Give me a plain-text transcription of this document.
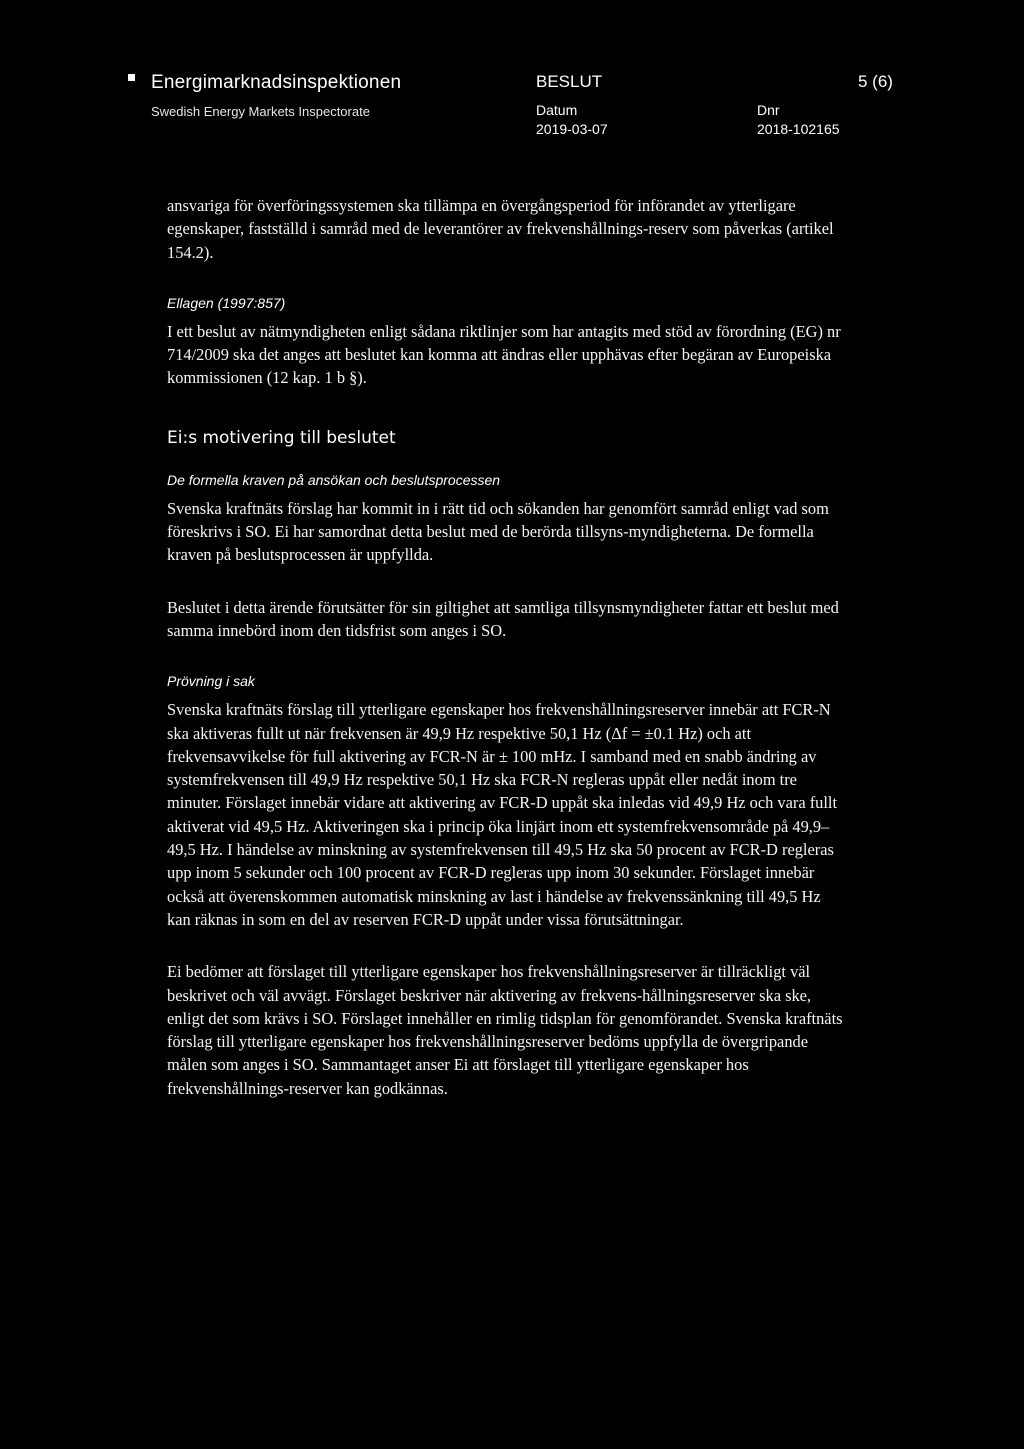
Energimarknadsinspektionen
Swedish Energy Markets Inspectorate
BESLUT	5 (6)
Datum
2019-03-07
Dnr
2018-102165

ansvariga för överföringssystemen ska tillämpa en övergångsperiod för införandet av ytterligare egenskaper, fastställd i samråd med de leverantörer av frekvenshållnings-reserv som påverkas (artikel 154.2).

Ellagen (1997:857)

I ett beslut av nätmyndigheten enligt sådana riktlinjer som har antagits med stöd av förordning (EG) nr 714/2009 ska det anges att beslutet kan komma att ändras eller upphävas efter begäran av Europeiska kommissionen (12 kap. 1 b §).

Ei:s motivering till beslutet
De formella kraven på ansökan och beslutsprocessen

Svenska kraftnäts förslag har kommit in i rätt tid och sökanden har genomfört samråd enligt vad som föreskrivs i SO. Ei har samordnat detta beslut med de berörda tillsyns-myndigheterna. De formella kraven på beslutsprocessen är uppfyllda.

Beslutet i detta ärende förutsätter för sin giltighet att samtliga tillsynsmyndigheter fattar ett beslut med samma innebörd inom den tidsfrist som anges i SO.

Prövning i sak

Svenska kraftnäts förslag till ytterligare egenskaper hos frekvenshållningsreserver innebär att FCR-N ska aktiveras fullt ut när frekvensen är 49,9 Hz respektive 50,1 Hz (Δf = ±0.1 Hz) och att frekvensavvikelse för full aktivering av FCR-N är ± 100 mHz. I samband med en snabb ändring av systemfrekvensen till 49,9 Hz respektive 50,1 Hz ska FCR-N regleras uppåt eller nedåt inom tre minuter. Förslaget innebär vidare att aktivering av FCR-D uppåt ska inledas vid 49,9 Hz och vara fullt aktiverat vid 49,5 Hz. Aktiveringen ska i princip öka linjärt inom ett systemfrekvensområde på 49,9–49,5 Hz. I händelse av minskning av systemfrekvensen till 49,5 Hz ska 50 procent av FCR-D regleras upp inom 5 sekunder och 100 procent av FCR-D regleras upp inom 30 sekunder. Förslaget innebär också att överenskommen automatisk minskning av last i händelse av frekvenssänkning till 49,5 Hz kan räknas in som en del av reserven FCR-D uppåt under vissa förutsättningar.

Ei bedömer att förslaget till ytterligare egenskaper hos frekvenshållningsreserver är tillräckligt väl beskrivet och väl avvägt. Förslaget beskriver när aktivering av frekvens-hållningsreserver ska ske, enligt det som krävs i SO. Förslaget innehåller en rimlig tidsplan för genomförandet. Svenska kraftnäts förslag till ytterligare egenskaper hos frekvenshållningsreserver bedöms uppfylla de övergripande målen som anges i SO. Sammantaget anser Ei att förslaget till ytterligare egenskaper hos frekvenshållnings-reserver kan godkännas.
